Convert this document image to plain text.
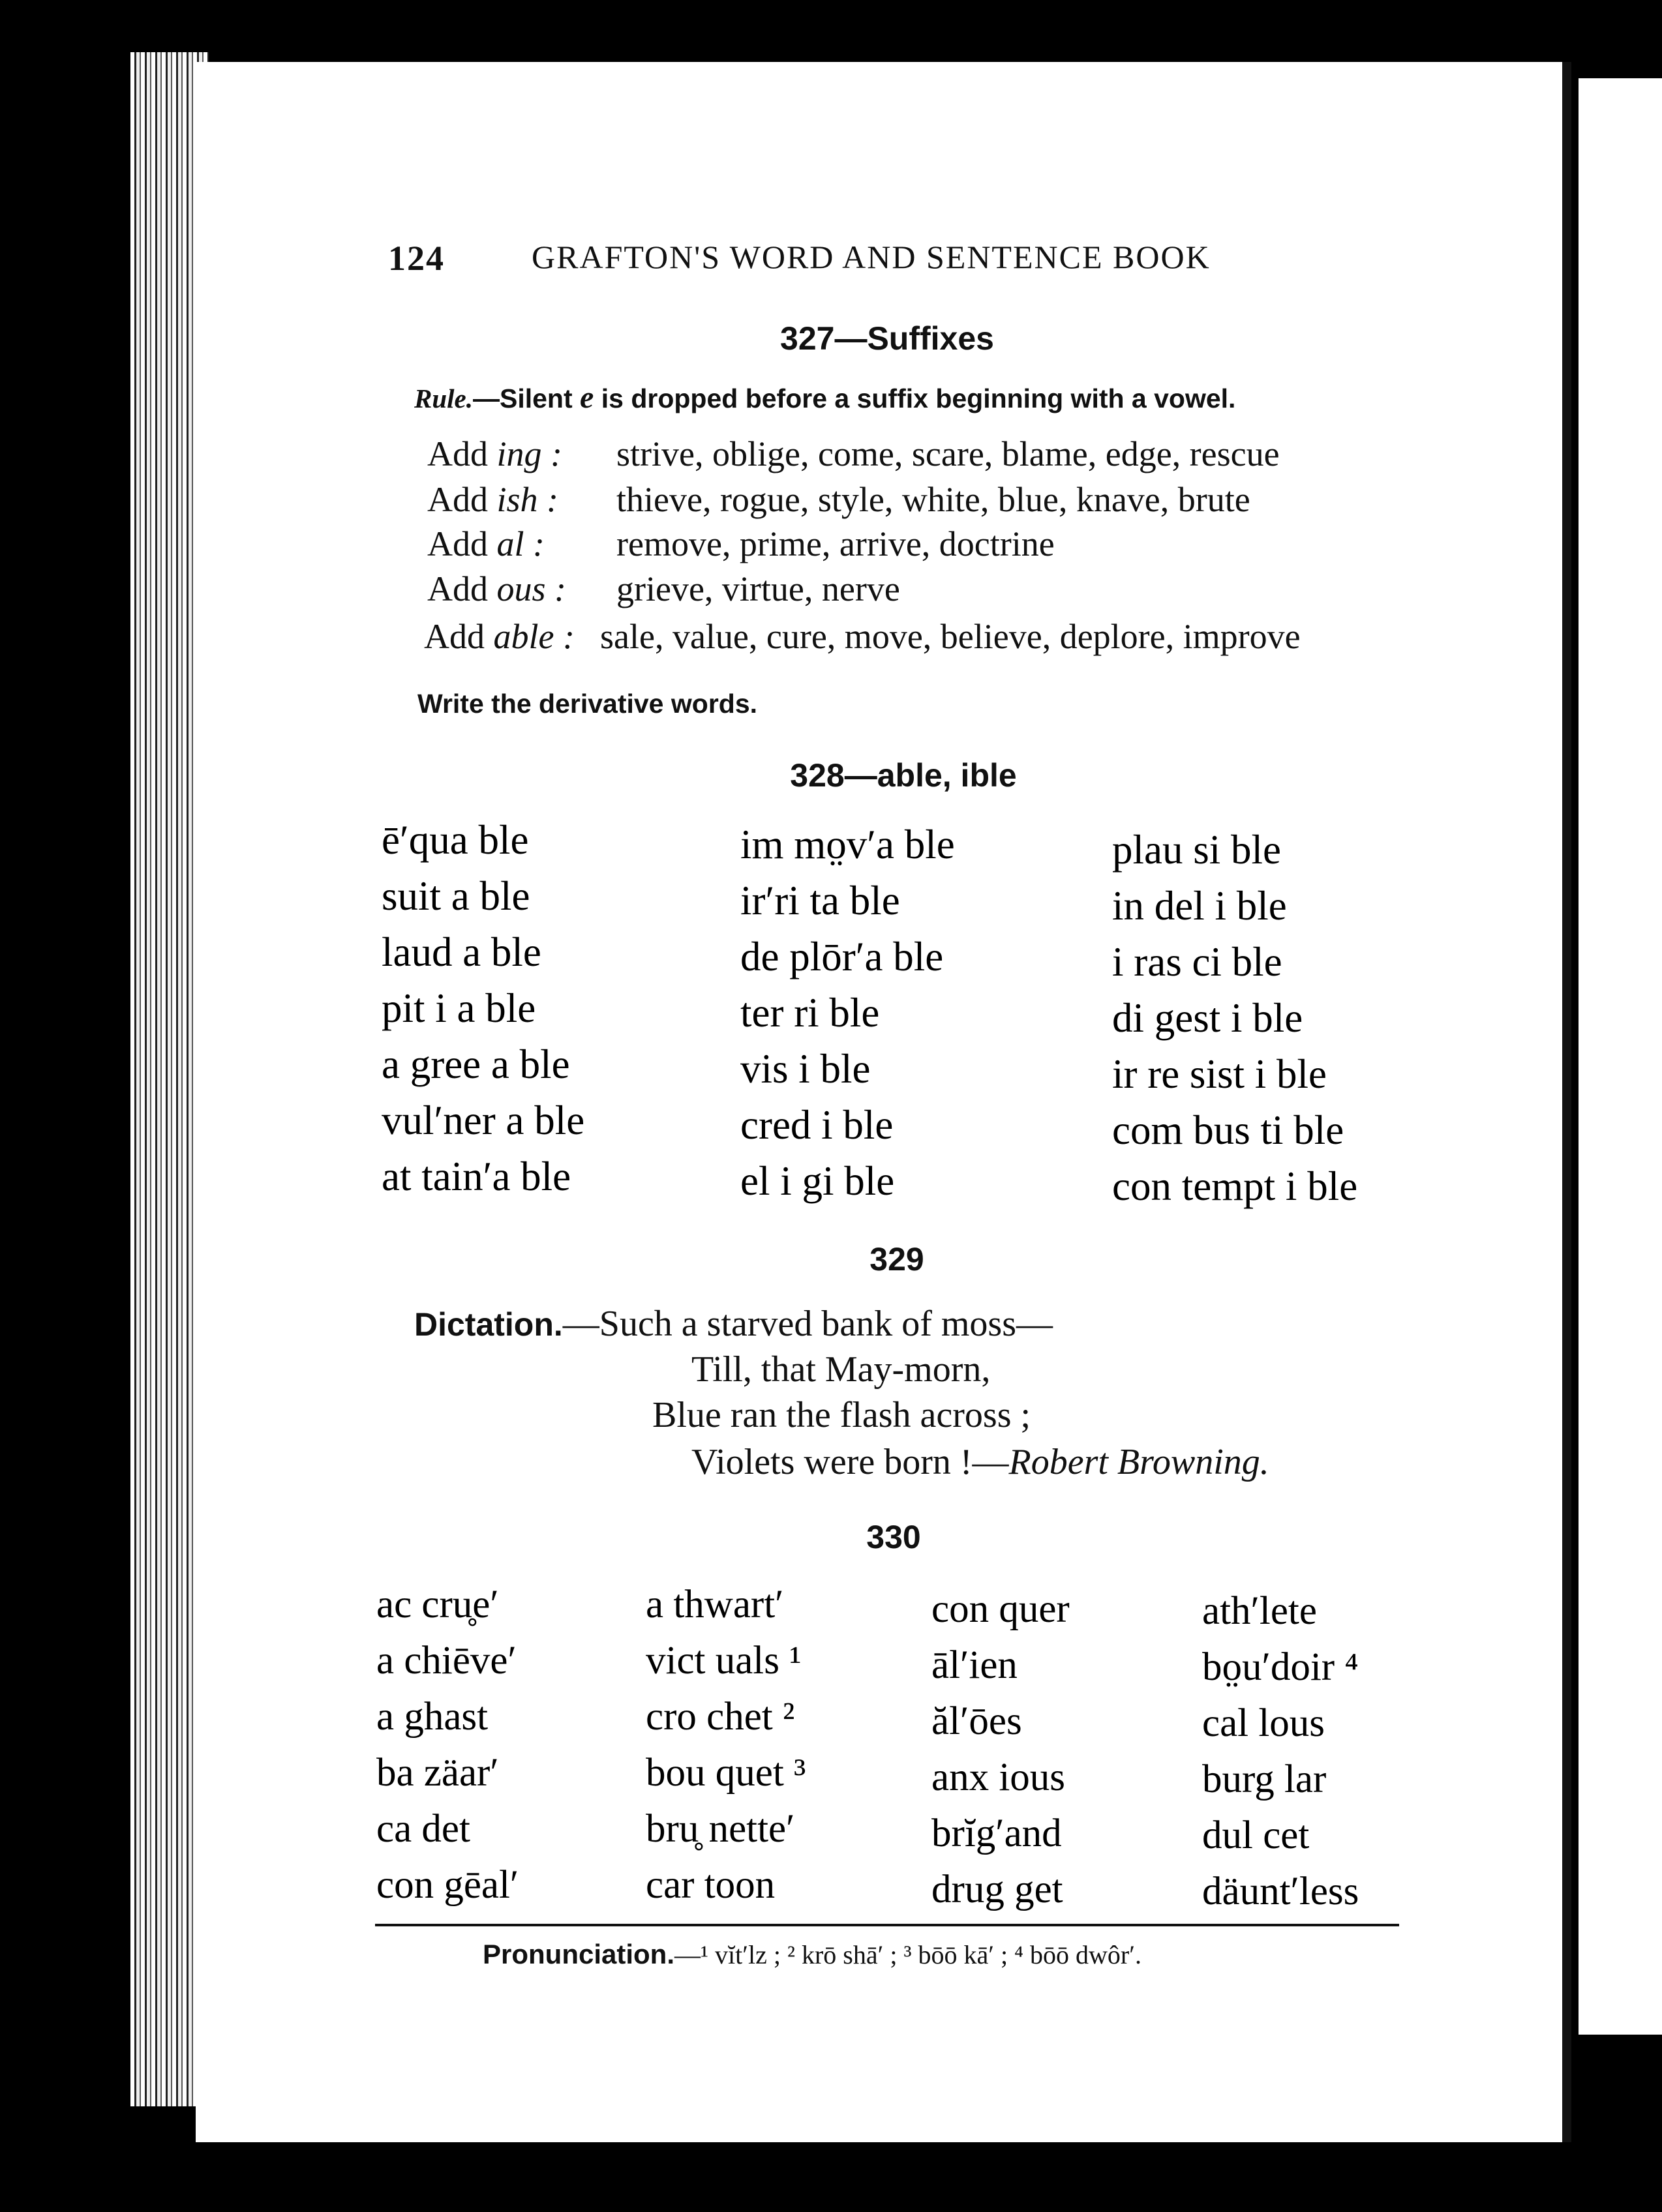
124	GRAFTON'S WORD AND SENTENCE BOOK
327—Suffixes
Rule.—Silent e is dropped before a suffix beginning with a vowel.
Add ing : strive, oblige, come, scare, blame, edge, rescue
Add ish : thieve, rogue, style, white, blue, knave, brute
Add al : remove, prime, arrive, doctrine
Add ous : grieve, virtue, nerve
Add able : sale, value, cure, move, believe, deplore, improve
Write the derivative words.
328—able, ible
ē′qua ble
suit a ble
laud a ble
pit i a ble
a gree a ble
vul′ner a ble
at tain′a ble
im mo̤v′a ble
ir′ri ta ble
de plōr′a ble
ter ri ble
vis i ble
cred i ble
el i gi ble
plau si ble
in del i ble
i ras ci ble
di gest i ble
ir re sist i ble
com bus ti ble
con tempt i ble
329
Dictation.—Such a starved bank of moss—
Till, that May-morn,
Blue ran the flash across ;
Violets were born !—Robert Browning.
330
ac cru̥e′
a chiēve′
a ghast
ba zäar′
ca det
con gēal′
a thwart′
vict uals ¹
cro chet ²
bou quet ³
bru̥ nette′
car toon
con quer
āl′ien
ăl′ōes
anx ious
brĭg′and
drug get
ath′lete
bo̤u′doir ⁴
cal lous
burg lar
dul cet
däunt′less
Pronunciation.—¹ vĭt′lz ; ² krō shā′ ; ³ bōō kā′ ; ⁴ bōō dwôr′.
